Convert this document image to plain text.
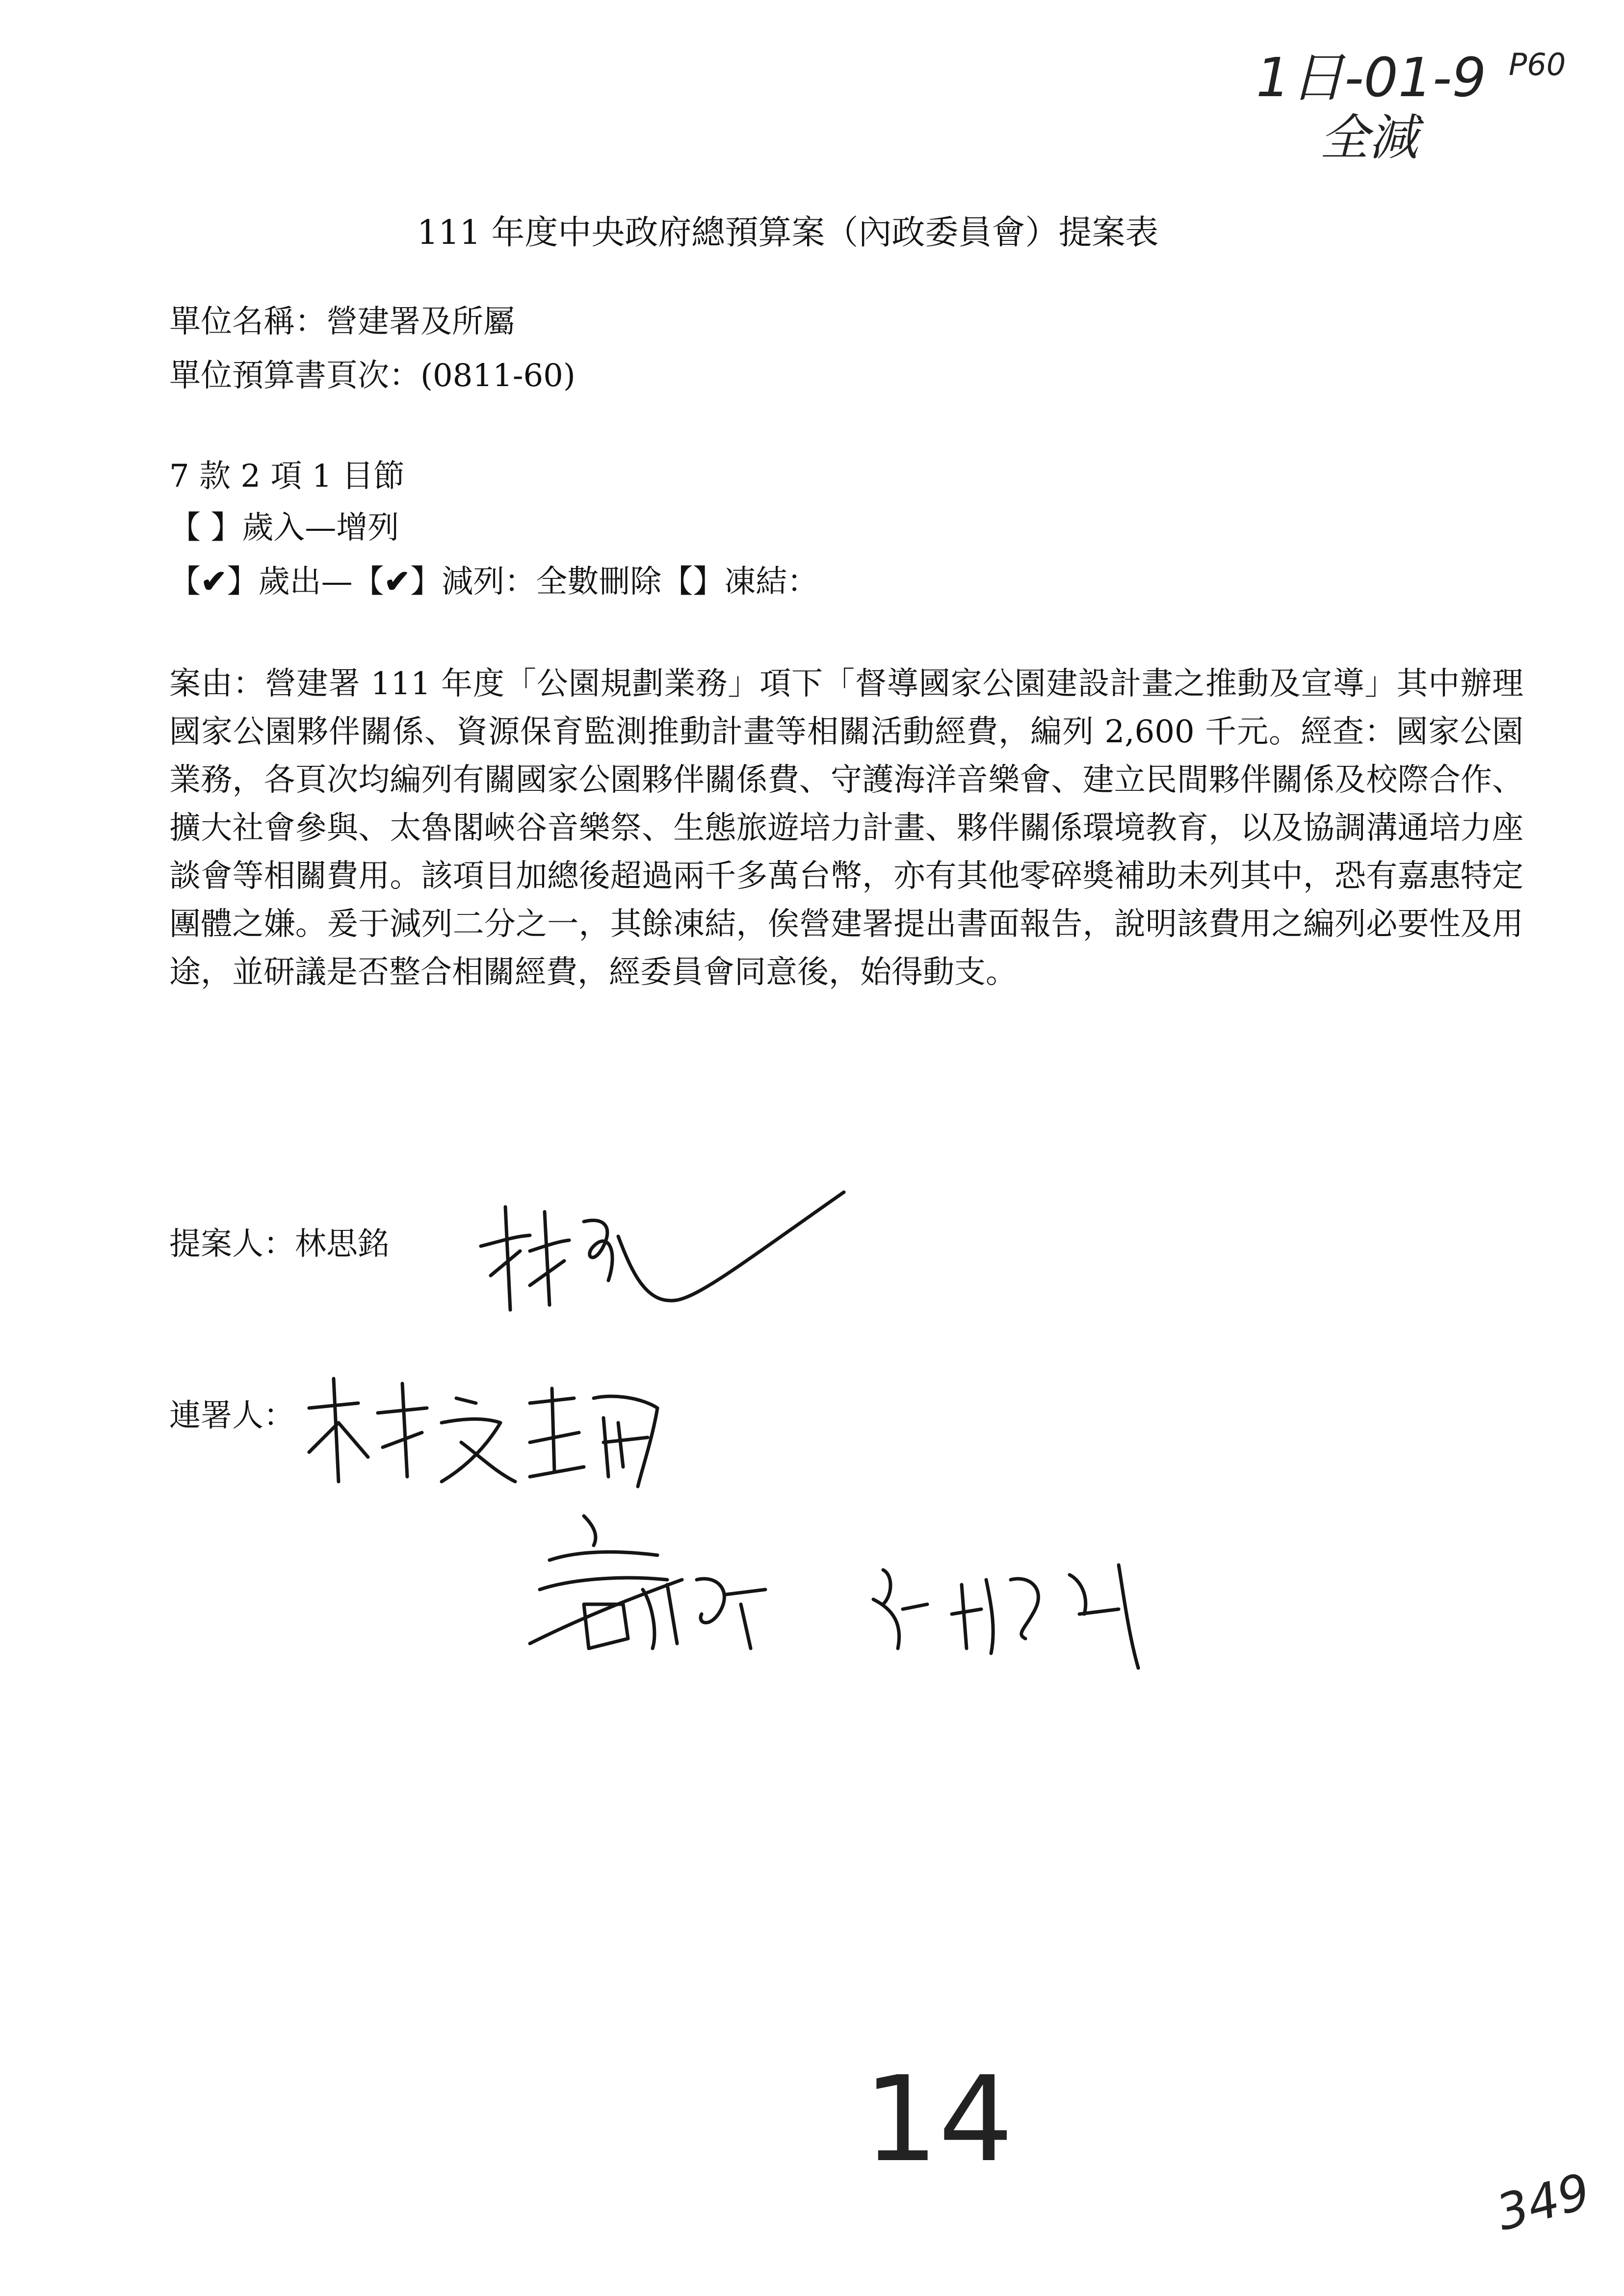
1日-01-9 P60
全減
111 年度中央政府總預算案（內政委員會）提案表
單位名稱：營建署及所屬
單位預算書頁次：(0811-60)
7 款 2 項 1 目節
【 】歲入—增列
【✔】歲出—【✔】減列：全數刪除【】凍結：
案由：營建署 111 年度「公園規劃業務」項下「督導國家公園建設計畫之推動及宣導」其中辦理國家公園夥伴關係、資源保育監測推動計畫等相關活動經費，編列 2,600 千元。經查：國家公園業務，各頁次均編列有關國家公園夥伴關係費、守護海洋音樂會、建立民間夥伴關係及校際合作、擴大社會參與、太魯閣峽谷音樂祭、生態旅遊培力計畫、夥伴關係環境教育，以及協調溝通培力座談會等相關費用。該項目加總後超過兩千多萬台幣，亦有其他零碎獎補助未列其中，恐有嘉惠特定團體之嫌。爰于減列二分之一，其餘凍結，俟營建署提出書面報告，說明該費用之編列必要性及用途，並研議是否整合相關經費，經委員會同意後，始得動支。
提案人：林思銘
連署人：
14
349
